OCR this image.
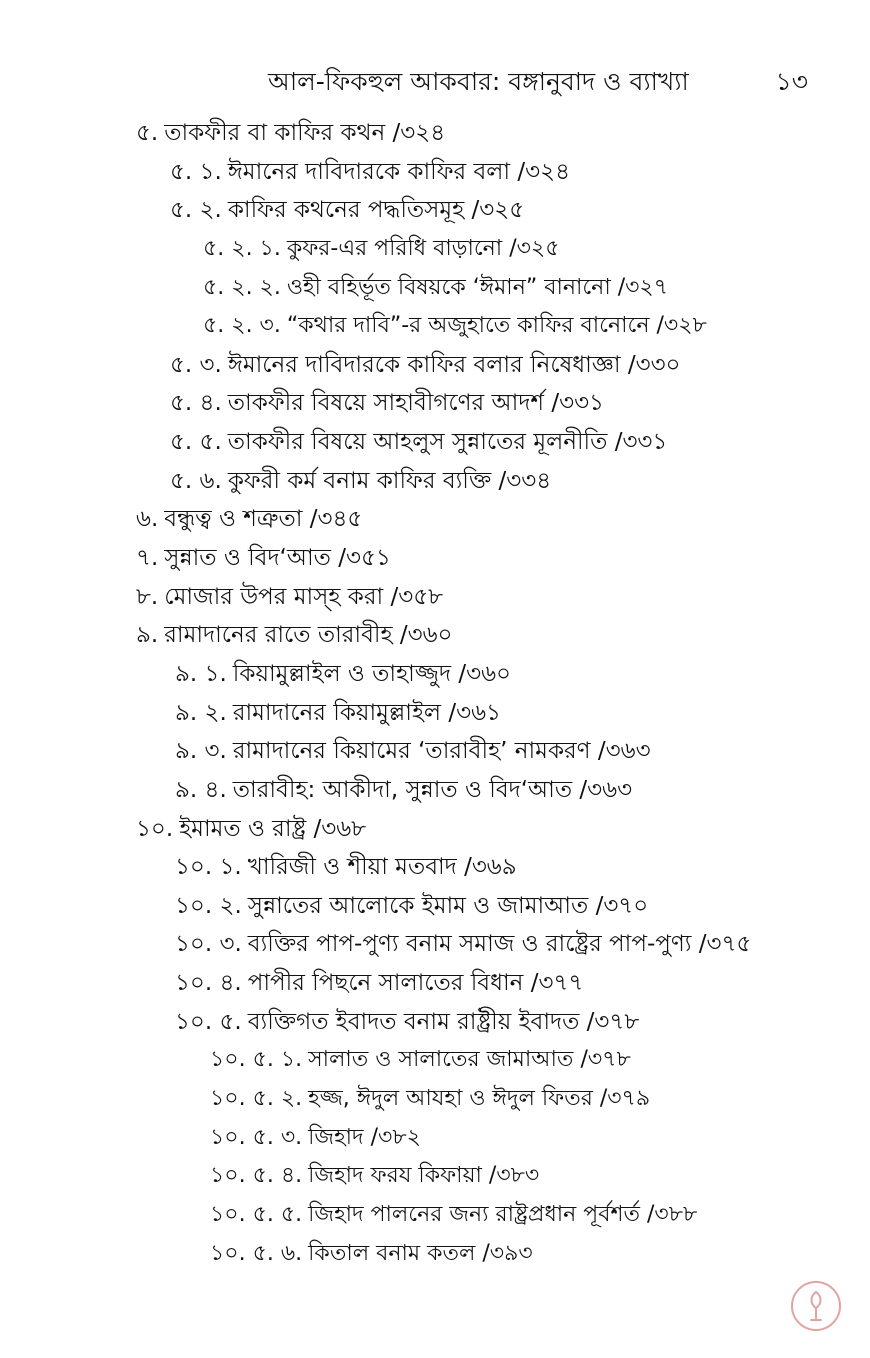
আল-ফিকহুল আকবার: বঙ্গানুবাদ ও ব্যাখ্যা	১৩
৫. তাকফীর বা কাফির কথন /৩২৪
৫. ১. ঈমানের দাবিদারকে কাফির বলা /৩২৪
৫. ২. কাফির কথনের পদ্ধতিসমূহ /৩২৫
৫. ২. ১. কুফর-এর পরিধি বাড়ানো /৩২৫
৫. ২. ২. ওহী বহির্ভূত বিষয়কে ‘ঈমান” বানানো /৩২৭
৫. ২. ৩. “কথার দাবি”-র অজুহাতে কাফির বানোনে /৩২৮
৫. ৩. ঈমানের দাবিদারকে কাফির বলার নিষেধাজ্ঞা /৩৩০
৫. ৪. তাকফীর বিষয়ে সাহাবীগণের আদর্শ /৩৩১
৫. ৫. তাকফীর বিষয়ে আহলুস সুন্নাতের মূলনীতি /৩৩১
৫. ৬. কুফরী কর্ম বনাম কাফির ব্যক্তি /৩৩৪
৬. বন্ধুত্ব ও শত্রুতা /৩৪৫
৭. সুন্নাত ও বিদ‘আত /৩৫১
৮. মোজার উপর মাস্হ করা /৩৫৮
৯. রামাদানের রাতে তারাবীহ /৩৬০
৯. ১. কিয়ামুল্লাইল ও তাহাজ্জুদ /৩৬০
৯. ২. রামাদানের কিয়ামুল্লাইল /৩৬১
৯. ৩. রামাদানের কিয়ামের ‘তারাবীহ’ নামকরণ /৩৬৩
৯. ৪. তারাবীহ: আকীদা, সুন্নাত ও বিদ‘আত /৩৬৩
১০. ইমামত ও রাষ্ট্র /৩৬৮
১০. ১. খারিজী ও শীয়া মতবাদ /৩৬৯
১০. ২. সুন্নাতের আলোকে ইমাম ও জামাআত /৩৭০
১০. ৩. ব্যক্তির পাপ-পুণ্য বনাম সমাজ ও রাষ্ট্রের পাপ-পুণ্য /৩৭৫
১০. ৪. পাপীর পিছনে সালাতের বিধান /৩৭৭
১০. ৫. ব্যক্তিগত ইবাদত বনাম রাষ্ট্রীয় ইবাদত /৩৭৮
১০. ৫. ১. সালাত ও সালাতের জামাআত /৩৭৮
১০. ৫. ২. হজ্জ, ঈদুল আযহা ও ঈদুল ফিতর /৩৭৯
১০. ৫. ৩. জিহাদ /৩৮২
১০. ৫. ৪. জিহাদ ফরয কিফায়া /৩৮৩
১০. ৫. ৫. জিহাদ পালনের জন্য রাষ্ট্রপ্রধান পূর্বশর্ত /৩৮৮
১০. ৫. ৬. কিতাল বনাম কতল /৩৯৩
